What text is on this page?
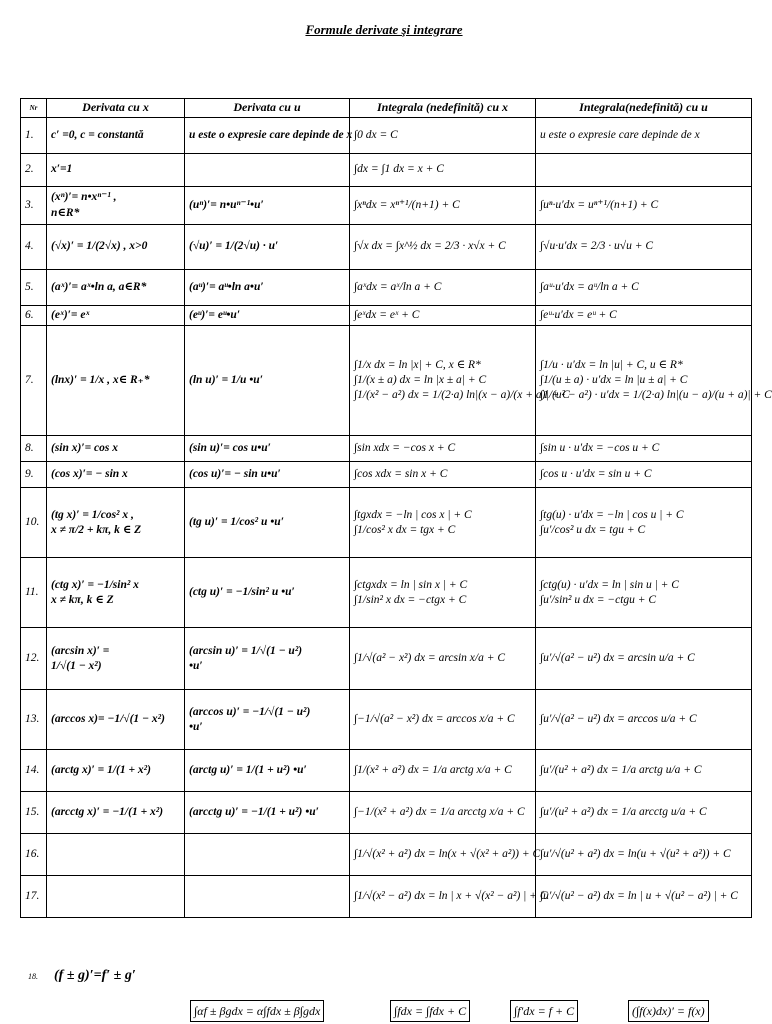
Formule derivate şi integrare
Nr	Derivata cu x	Derivata cu u	Integrala (nedefinită) cu x	Integrala(nedefinită) cu u
1.	c′ =0, c = constantă	u este o expresie care depinde de x	∫0 dx = C	u este o expresie care depinde de x

2.	x′=1		∫dx = ∫1 dx = x + C	

3.	(xⁿ)′= n•xⁿ⁻¹ ,
n∈R*	(uⁿ)′= n•uⁿ⁻¹•u′	∫xⁿdx = xⁿ⁺¹/(n+1) + C	∫uⁿ·u′dx = uⁿ⁺¹/(n+1) + C

4.	(√x)′ = 1/(2√x) , x>0	(√u)′ = 1/(2√u) · u′	∫√x dx = ∫x^½ dx = 2/3 · x√x + C	∫√u·u′dx = 2/3 · u√u + C

5.	(aˣ)′= aˣ•ln a, a∈R*	(aᵘ)′= aᵘ•ln a•u′	∫aˣdx = aˣ/ln a + C	∫aᵘ·u′dx = aᵘ/ln a + C

6.	(eˣ)′= eˣ	(eᵘ)′= eᵘ•u′	∫eˣdx = eˣ + C	∫eᵘ·u′dx = eᵘ + C

7.	(lnx)′ = 1/x , x∈ R₊*	(ln u)′ = 1/u •u′	∫1/x dx = ln |x| + C, x ∈ R*
∫1/(x ± a) dx = ln |x ± a| + C
∫1/(x² − a²) dx = 1/(2·a) ln|(x − a)/(x + a)| + C	∫1/u · u′dx = ln |u| + C, u ∈ R*
∫1/(u ± a) · u′dx = ln |u ± a| + C
∫1/(u² − a²) · u′dx = 1/(2·a) ln|(u − a)/(u + a)| + C

8.	(sin x)′= cos x	(sin u)′= cos u•u′	∫sin xdx = −cos x + C	∫sin u · u′dx = −cos u + C

9.	(cos x)′= − sin x	(cos u)′= − sin u•u′	∫cos xdx = sin x + C	∫cos u · u′dx = sin u + C

10.	(tg x)′ = 1/cos² x ,
x ≠ π/2 + kπ, k ∈ Z	(tg u)′ = 1/cos² u •u′	∫tgxdx = −ln | cos x | + C
∫1/cos² x dx = tgx + C	∫tg(u) · u′dx = −ln | cos u | + C
∫u′/cos² u dx = tgu + C

11.	(ctg x)′ = −1/sin² x
x ≠ kπ, k ∈ Z	(ctg u)′ = −1/sin² u •u′	∫ctgxdx = ln | sin x | + C
∫1/sin² x dx = −ctgx + C	∫ctg(u) · u′dx = ln | sin u | + C
∫u′/sin² u dx = −ctgu + C

12.	(arcsin x)′ =
1/√(1 − x²)	(arcsin u)′ = 1/√(1 − u²)
•u′	∫1/√(a² − x²) dx = arcsin x/a + C	∫u′/√(a² − u²) dx = arcsin u/a + C

13.	(arccos x)= −1/√(1 − x²)	(arccos u)′ = −1/√(1 − u²)
•u′	∫−1/√(a² − x²) dx = arccos x/a + C	∫u′/√(a² − u²) dx = arccos u/a + C

14.	(arctg x)′ = 1/(1 + x²)	(arctg u)′ = 1/(1 + u²) •u′	∫1/(x² + a²) dx = 1/a arctg x/a + C	∫u′/(u² + a²) dx = 1/a arctg u/a + C

15.	(arcctg x)′ = −1/(1 + x²)	(arcctg u)′ = −1/(1 + u²) •u′	∫−1/(x² + a²) dx = 1/a arcctg x/a + C	∫u′/(u² + a²) dx = 1/a arcctg u/a + C

16.			∫1/√(x² + a²) dx = ln(x + √(x² + a²)) + C	∫u′/√(u² + a²) dx = ln(u + √(u² + a²)) + C

17.			∫1/√(x² − a²) dx = ln | x + √(x² − a²) | + C	∫u′/√(u² − a²) dx = ln | u + √(u² − a²) | + C
18. (f ± g)′=f′ ± g′
∫αf ± βgdx = α∫fdx ± β∫gdx	∫fdx = ∫fdx + C	∫f′dx = f + C	(∫f(x)dx)′ = f(x)
